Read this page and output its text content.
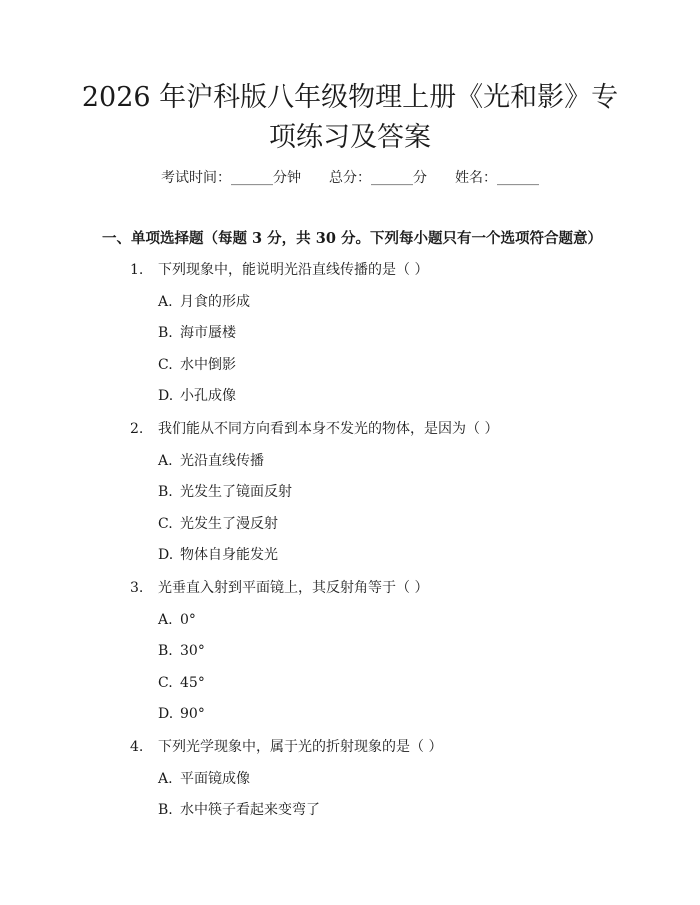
2026 年沪科版八年级物理上册《光和影》专
项练习及答案
考试时间：______分钟 总分：______分 姓名：______
一、单项选择题（每题 3 分，共 30 分。下列每小题只有一个选项符合题意）
1. 下列现象中，能说明光沿直线传播的是（ ）
A. 月食的形成
B. 海市蜃楼
C. 水中倒影
D. 小孔成像
2. 我们能从不同方向看到本身不发光的物体，是因为（ ）
A. 光沿直线传播
B. 光发生了镜面反射
C. 光发生了漫反射
D. 物体自身能发光
3. 光垂直入射到平面镜上，其反射角等于（ ）
A. 0°
B. 30°
C. 45°
D. 90°
4. 下列光学现象中，属于光的折射现象的是（ ）
A. 平面镜成像
B. 水中筷子看起来变弯了
